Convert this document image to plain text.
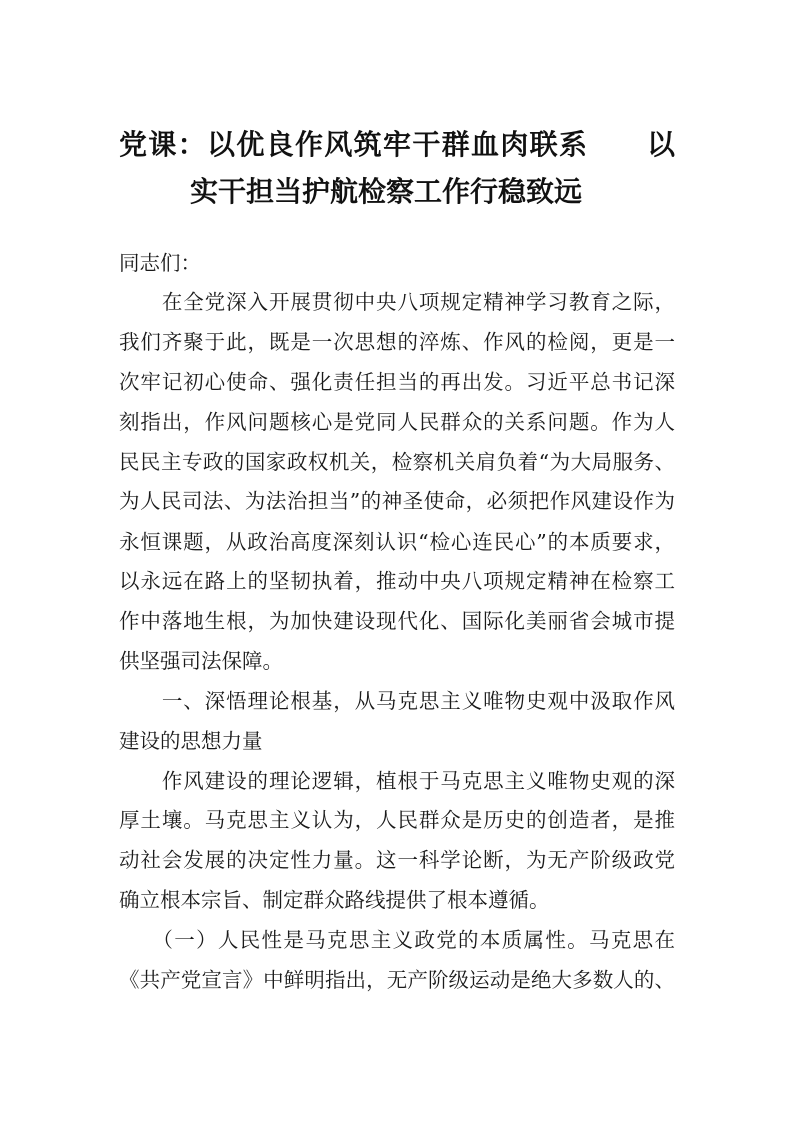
党课：以优良作风筑牢干群血肉联系　　以
实干担当护航检察工作行稳致远
同志们：
　　在全党深入开展贯彻中央八项规定精神学习教育之际，
我们齐聚于此，既是一次思想的淬炼、作风的检阅，更是一
次牢记初心使命、强化责任担当的再出发。习近平总书记深
刻指出，作风问题核心是党同人民群众的关系问题。作为人
民民主专政的国家政权机关，检察机关肩负着“为大局服务、
为人民司法、为法治担当”的神圣使命，必须把作风建设作为
永恒课题，从政治高度深刻认识“检心连民心”的本质要求，
以永远在路上的坚韧执着，推动中央八项规定精神在检察工
作中落地生根，为加快建设现代化、国际化美丽省会城市提
供坚强司法保障。
　　一、深悟理论根基，从马克思主义唯物史观中汲取作风
建设的思想力量
　　作风建设的理论逻辑，植根于马克思主义唯物史观的深
厚土壤。马克思主义认为，人民群众是历史的创造者，是推
动社会发展的决定性力量。这一科学论断，为无产阶级政党
确立根本宗旨、制定群众路线提供了根本遵循。
　　（一）人民性是马克思主义政党的本质属性。马克思在
《共产党宣言》中鲜明指出，无产阶级运动是绝大多数人的、
